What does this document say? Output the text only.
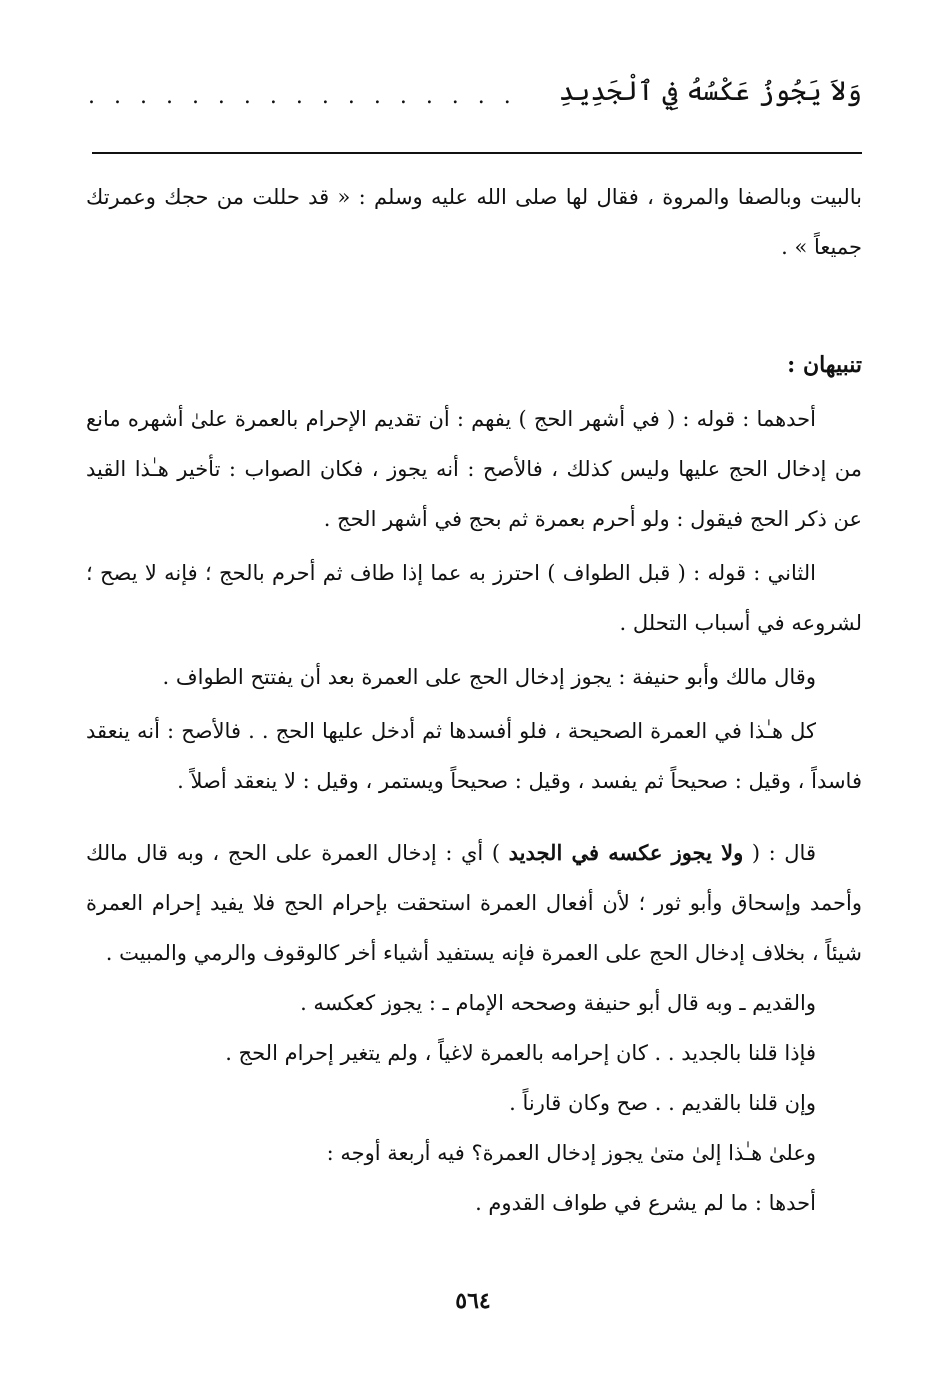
وَلاَ يَجُوزُ عَكْسُهُ فِي ٱلْجَدِيدِ
. . . . . . . . . . . . . . . . .

بالبيت وبالصفا والمروة ، فقال لها صلى الله عليه وسلم : « قد حللت من حجك وعمرتك جميعاً » .

تنبيهان :

أحدهما : قوله : ( في أشهر الحج ) يفهم : أن تقديم الإحرام بالعمرة علىٰ أشهره مانع من إدخال الحج عليها وليس كذلك ، فالأصح : أنه يجوز ، فكان الصواب : تأخير هـٰذا القيد عن ذكر الحج فيقول : ولو أحرم بعمرة ثم بحج في أشهر الحج .

الثاني : قوله : ( قبل الطواف ) احترز به عما إذا طاف ثم أحرم بالحج ؛ فإنه لا يصح ؛ لشروعه في أسباب التحلل .

وقال مالك وأبو حنيفة : يجوز إدخال الحج على العمرة بعد أن يفتتح الطواف .

كل هـٰذا في العمرة الصحيحة ، فلو أفسدها ثم أدخل عليها الحج . . فالأصح : أنه ينعقد فاسداً ، وقيل : صحيحاً ثم يفسد ، وقيل : صحيحاً ويستمر ، وقيل : لا ينعقد أصلاً .

قال : ( ولا يجوز عكسه في الجديد ) أي : إدخال العمرة على الحج ، وبه قال مالك وأحمد وإسحاق وأبو ثور ؛ لأن أفعال العمرة استحقت بإحرام الحج فلا يفيد إحرام العمرة شيئاً ، بخلاف إدخال الحج على العمرة فإنه يستفيد أشياء أخر كالوقوف والرمي والمبيت .

والقديم ـ وبه قال أبو حنيفة وصححه الإمام ـ : يجوز كعكسه .

فإذا قلنا بالجديد . . كان إحرامه بالعمرة لاغياً ، ولم يتغير إحرام الحج .

وإن قلنا بالقديم . . صح وكان قارناً .

وعلىٰ هـٰذا إلىٰ متىٰ يجوز إدخال العمرة؟ فيه أربعة أوجه :

أحدها : ما لم يشرع في طواف القدوم .

٥٦٤
